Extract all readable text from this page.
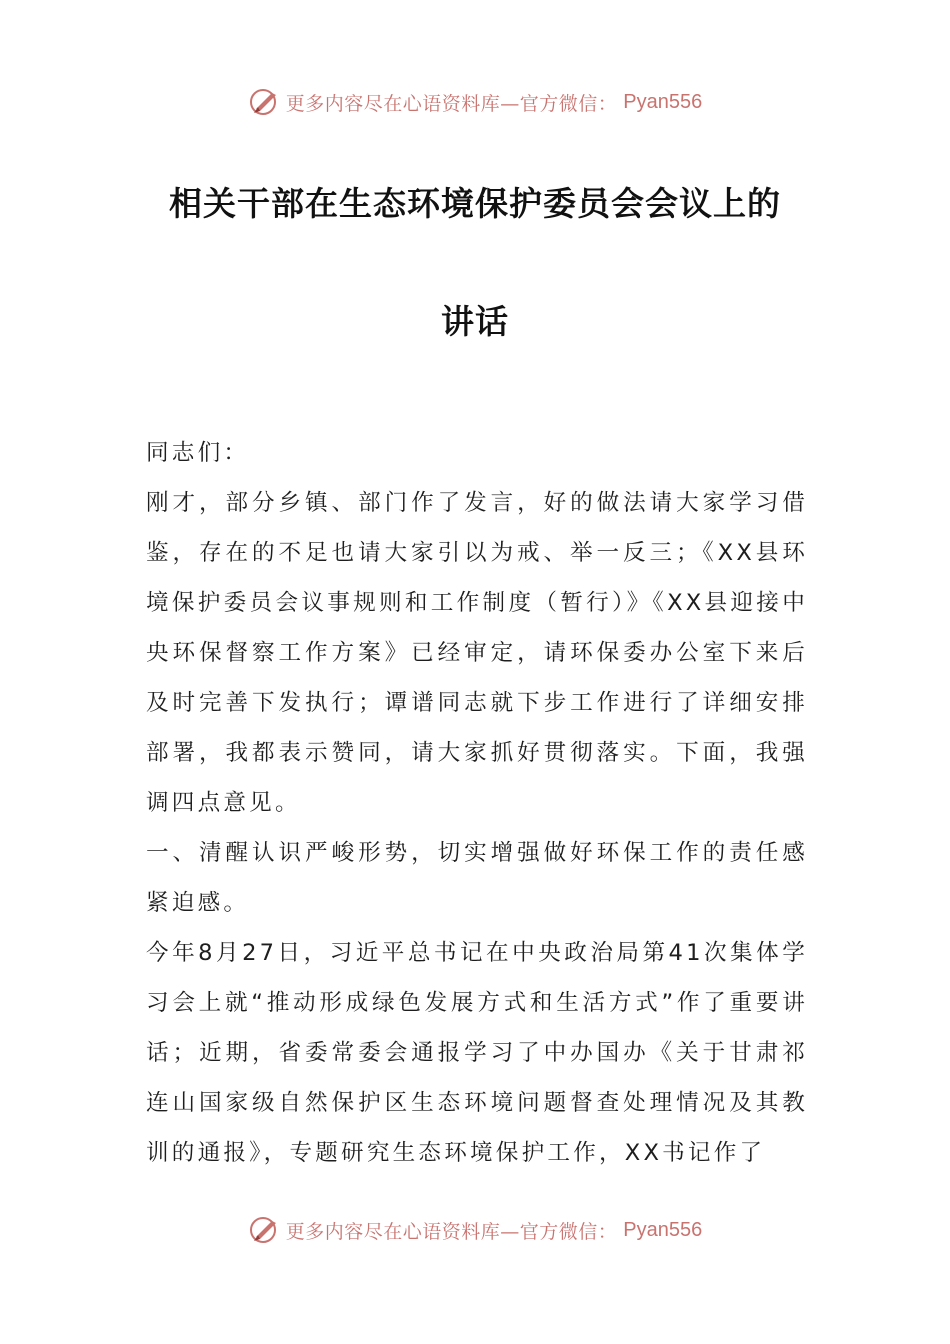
更多内容尽在心语资料库—官方微信： Pyan556
相关干部在生态环境保护委员会会议上的
讲话

同志们：

刚才，部分乡镇、部门作了发言，好的做法请大家学习借鉴，存在的不足也请大家引以为戒、举一反三；《XX县环境保护委员会议事规则和工作制度（暂行）》《XX县迎接中央环保督察工作方案》已经审定，请环保委办公室下来后及时完善下发执行；谭谱同志就下步工作进行了详细安排部署，我都表示赞同，请大家抓好贯彻落实。下面，我强调四点意见。

一、清醒认识严峻形势，切实增强做好环保工作的责任感紧迫感。

今年8月27日，习近平总书记在中央政治局第41次集体学习会上就“推动形成绿色发展方式和生活方式”作了重要讲话；近期，省委常委会通报学习了中办国办《关于甘肃祁连山国家级自然保护区生态环境问题督查处理情况及其教训的通报》，专题研究生态环境保护工作，XX书记作了

更多内容尽在心语资料库—官方微信： Pyan556
